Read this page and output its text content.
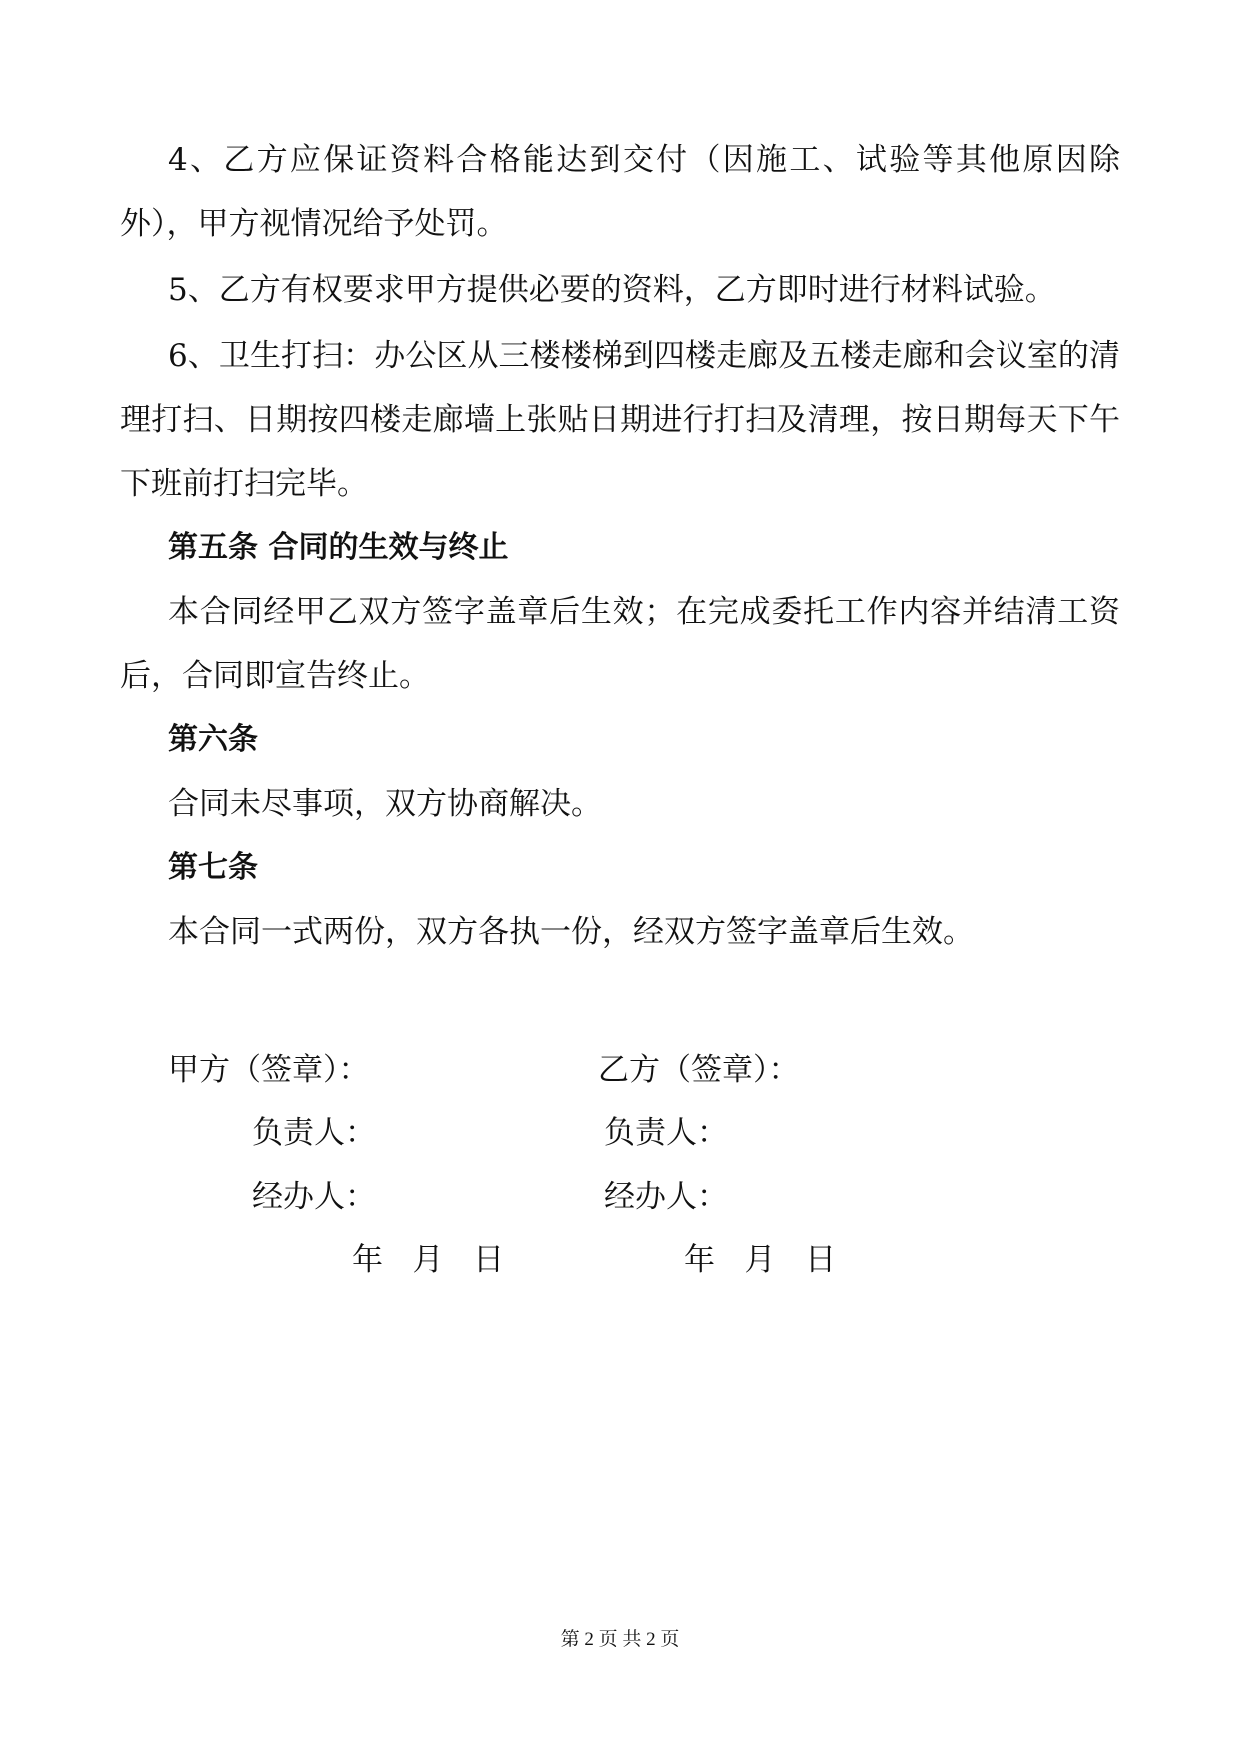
4、乙方应保证资料合格能达到交付（因施工、试验等其他原因除外），甲方视情况给予处罚。

5、乙方有权要求甲方提供必要的资料，乙方即时进行材料试验。

6、卫生打扫：办公区从三楼楼梯到四楼走廊及五楼走廊和会议室的清理打扫、日期按四楼走廊墙上张贴日期进行打扫及清理，按日期每天下午下班前打扫完毕。

第五条 合同的生效与终止

本合同经甲乙双方签字盖章后生效；在完成委托工作内容并结清工资后，合同即宣告终止。

第六条

合同未尽事项，双方协商解决。

第七条

本合同一式两份，双方各执一份，经双方签字盖章后生效。

甲方（签章）：	乙方（签章）：
负责人：	负责人：
经办人：	经办人：
年   月   日	年   月   日
第 2 页 共 2 页
